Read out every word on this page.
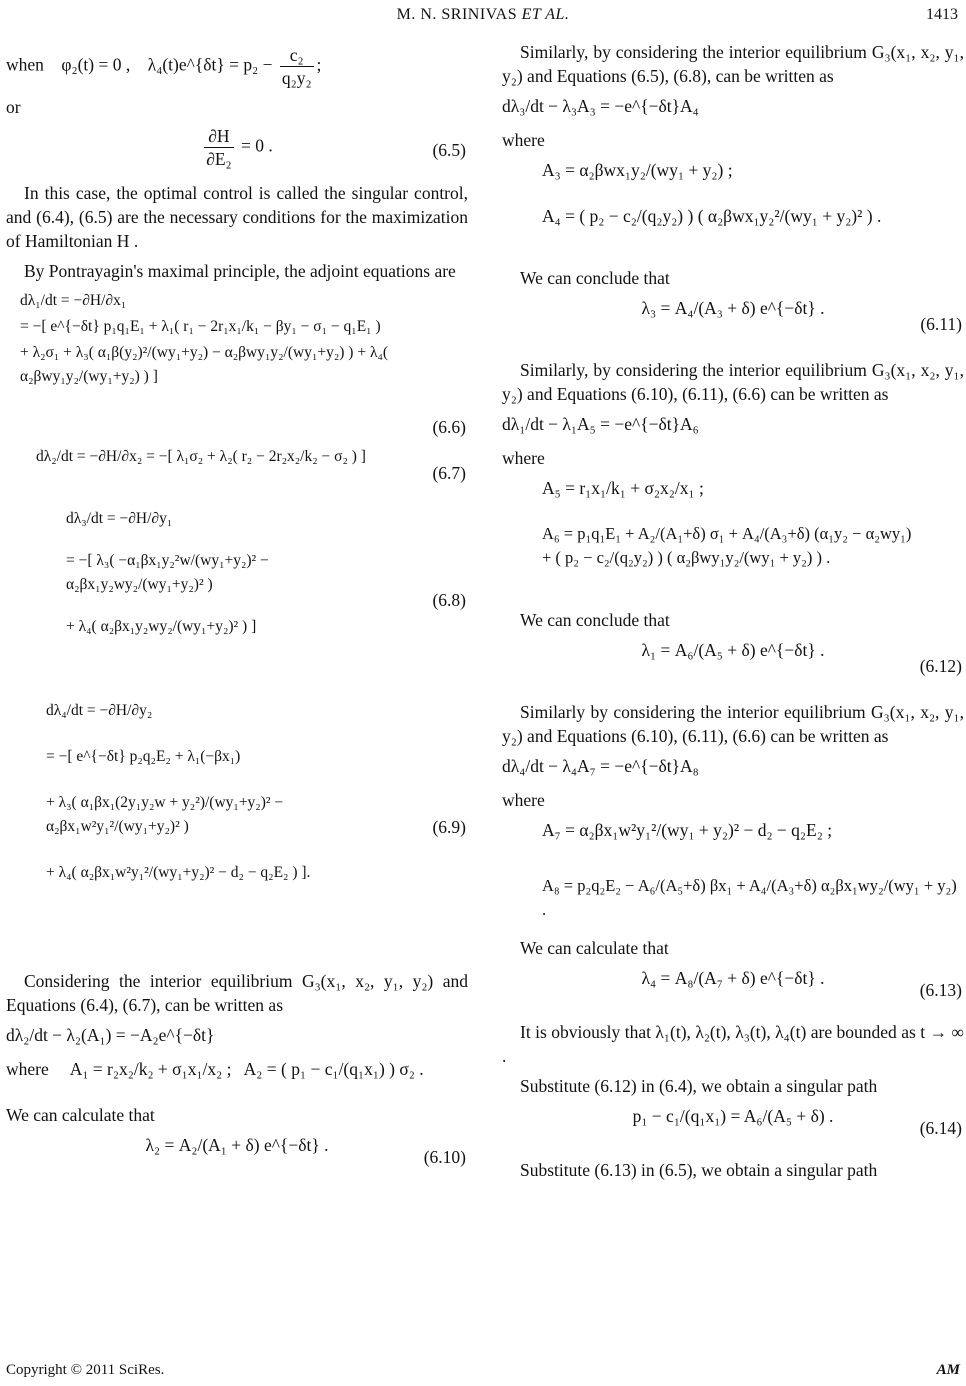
M. N. SRINIVAS ET AL.	1413
when φ₂(t) = 0 , λ₄(t)e^{δt} = $p_2 - \frac{\text{c₂}}{\text{q₂y₂}}$ ;

or

$\frac{\partial H}{\text{∂E₂}} = 0$ .	(6.5)

In this case, the optimal control is called the singular control, and (6.4), (6.5) are the necessary conditions for the maximization of Hamiltonian H .

By Pontrayagin's maximal principle, the adjoint equations are

dλ₁/dt = −∂H/∂x₁
= −[ e^{−δt} p₁q₁E₁ + λ₁( r₁ − 2r₁x₁/k₁ − βy₁ − σ₁ − q₁E₁ )
+ λ₂σ₁ + λ₃( α₁β(y₂)²/(wy₁+y₂) − α₂βwy₁y₂/(wy₁+y₂) ) + λ₄( α₂βwy₁y₂/(wy₁+y₂) ) ]
(6.6)
dλ₂/dt = −∂H/∂x₂ = −[ λ₁σ₂ + λ₂( r₂ − 2r₂x₂/k₂ − σ₂ ) ]
(6.7)
dλ₃/dt = −∂H/∂y₁
= −[ λ₃( −α₁βx₁y₂²w/(wy₁+y₂)² − α₂βx₁y₂wy₂/(wy₁+y₂)² )
+ λ₄( α₂βx₁y₂wy₂/(wy₁+y₂)² ) ]
(6.8)
dλ₄/dt = −∂H/∂y₂
= −[ e^{−δt} p₂q₂E₂ + λ₁(−βx₁)
+ λ₃( α₁βx₁(2y₁y₂w + y₂²)/(wy₁+y₂)² − α₂βx₁w²y₁²/(wy₁+y₂)² )
+ λ₄( α₂βx₁w²y₁²/(wy₁+y₂)² − d₂ − q₂E₂ ) ].
(6.9)

Considering the interior equilibrium G₃(x₁, x₂, y₁, y₂) and Equations (6.4), (6.7), can be written as

dλ₂/dt − λ₂(A₁) = −A₂e^{−δt}
where A₁ = r₂x₂/k₂ + σ₁x₁/x₂ ; A₂ = ( p₁ − c₁/(q₁x₁) ) σ₂ .

We can calculate that

λ₂ = A₂/(A₁ + δ) e^{−δt} .
(6.10)

Similarly, by considering the interior equilibrium G₃(x₁, x₂, y₁, y₂) and Equations (6.5), (6.8), can be written as

dλ₃/dt − λ₃A₃ = −e^{−δt}A₄

where

A₃ = α₂βwx₁y₂/(wy₁ + y₂) ;
A₄ = ( p₂ − c₂/(q₂y₂) ) ( α₂βwx₁y₂²/(wy₁ + y₂)² ) .

We can conclude that

λ₃ = A₄/(A₃ + δ) e^{−δt} .
(6.11)

Similarly, by considering the interior equilibrium G₃(x₁, x₂, y₁, y₂) and Equations (6.10), (6.11), (6.6) can be written as

dλ₁/dt − λ₁A₅ = −e^{−δt}A₆

where

A₅ = r₁x₁/k₁ + σ₂x₂/x₁ ;
A₆ = p₁q₁E₁ + A₂/(A₁+δ) σ₁ + A₄/(A₃+δ) (α₁y₂ − α₂wy₁)
+ ( p₂ − c₂/(q₂y₂) ) ( α₂βwy₁y₂/(wy₁ + y₂) ) .

We can conclude that

λ₁ = A₆/(A₅ + δ) e^{−δt} .
(6.12)

Similarly by considering the interior equilibrium G₃(x₁, x₂, y₁, y₂) and Equations (6.10), (6.11), (6.6) can be written as

dλ₄/dt − λ₄A₇ = −e^{−δt}A₈

where

A₇ = α₂βx₁w²y₁²/(wy₁ + y₂)² − d₂ − q₂E₂ ;
A₈ = p₂q₂E₂ − A₆/(A₅+δ) βx₁ + A₄/(A₃+δ) α₂βx₁wy₂/(wy₁ + y₂) .

We can calculate that

λ₄ = A₈/(A₇ + δ) e^{−δt} .
(6.13)

It is obviously that λ₁(t), λ₂(t), λ₃(t), λ₄(t) are bounded as t → ∞ .

Substitute (6.12) in (6.4), we obtain a singular path

p₁ − c₁/(q₁x₁) = A₆/(A₅ + δ) .
(6.14)

Substitute (6.13) in (6.5), we obtain a singular path

Copyright © 2011 SciRes.	AM
